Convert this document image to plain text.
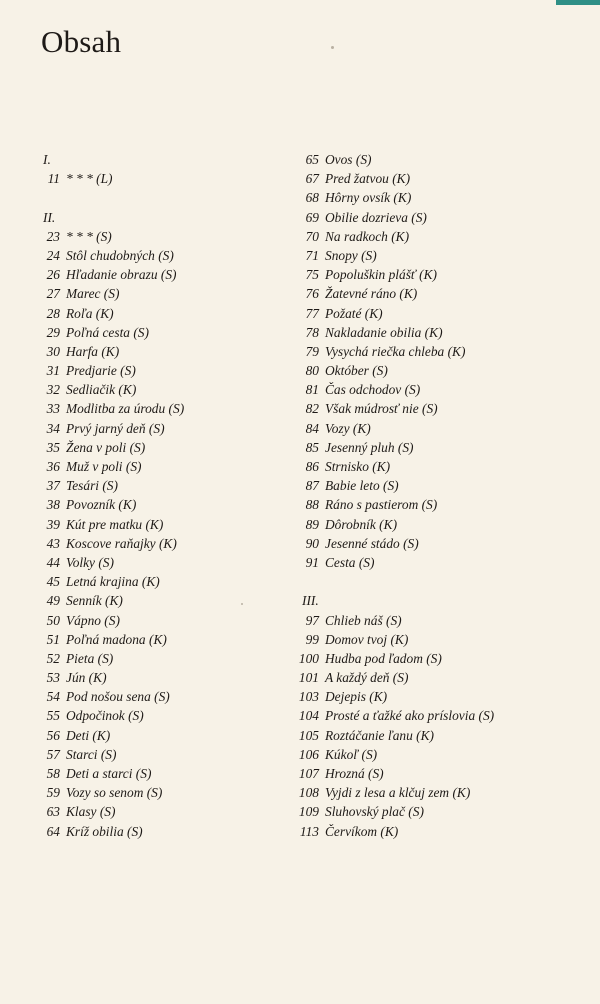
Obsah
I.
11 * * * (L)
II.
23 * * * (S)
24 Stôl chudobných (S)
26 Hľadanie obrazu (S)
27 Marec (S)
28 Roľa (K)
29 Poľná cesta (S)
30 Harfa (K)
31 Predjarie (S)
32 Sedliačik (K)
33 Modlitba za úrodu (S)
34 Prvý jarný deň (S)
35 Žena v poli (S)
36 Muž v poli (S)
37 Tesári (S)
38 Povozník (K)
39 Kút pre matku (K)
43 Koscove raňajky (K)
44 Volky (S)
45 Letná krajina (K)
49 Senník (K)
50 Vápno (S)
51 Poľná madona (K)
52 Pieta (S)
53 Jún (K)
54 Pod nošou sena (S)
55 Odpočinok (S)
56 Deti (K)
57 Starci (S)
58 Deti a starci (S)
59 Vozy so senom (S)
63 Klasy (S)
64 Kríž obilia (S)
65 Ovos (S)
67 Pred žatvou (K)
68 Hôrny ovsík (K)
69 Obilie dozrieva (S)
70 Na radkoch (K)
71 Snopy (S)
75 Popoluškin plášť (K)
76 Žatevné ráno (K)
77 Požaté (K)
78 Nakladanie obilia (K)
79 Vysychá riečka chleba (K)
80 Október (S)
81 Čas odchodov (S)
82 Však múdrosť nie (S)
84 Vozy (K)
85 Jesenný pluh (S)
86 Strnisko (K)
87 Babie leto (S)
88 Ráno s pastierom (S)
89 Dôrobník (K)
90 Jesenné stádo (S)
91 Cesta (S)
III.
97 Chlieb náš (S)
99 Domov tvoj (K)
100 Hudba pod ľadom (S)
101 A každý deň (S)
103 Dejepis (K)
104 Prosté a ťažké ako príslovia (S)
105 Roztáčanie ľanu (K)
106 Kúkoľ (S)
107 Hrozná (S)
108 Vyjdi z lesa a klčuj zem (K)
109 Sluhovský plač (S)
113 Červíkom (K)
